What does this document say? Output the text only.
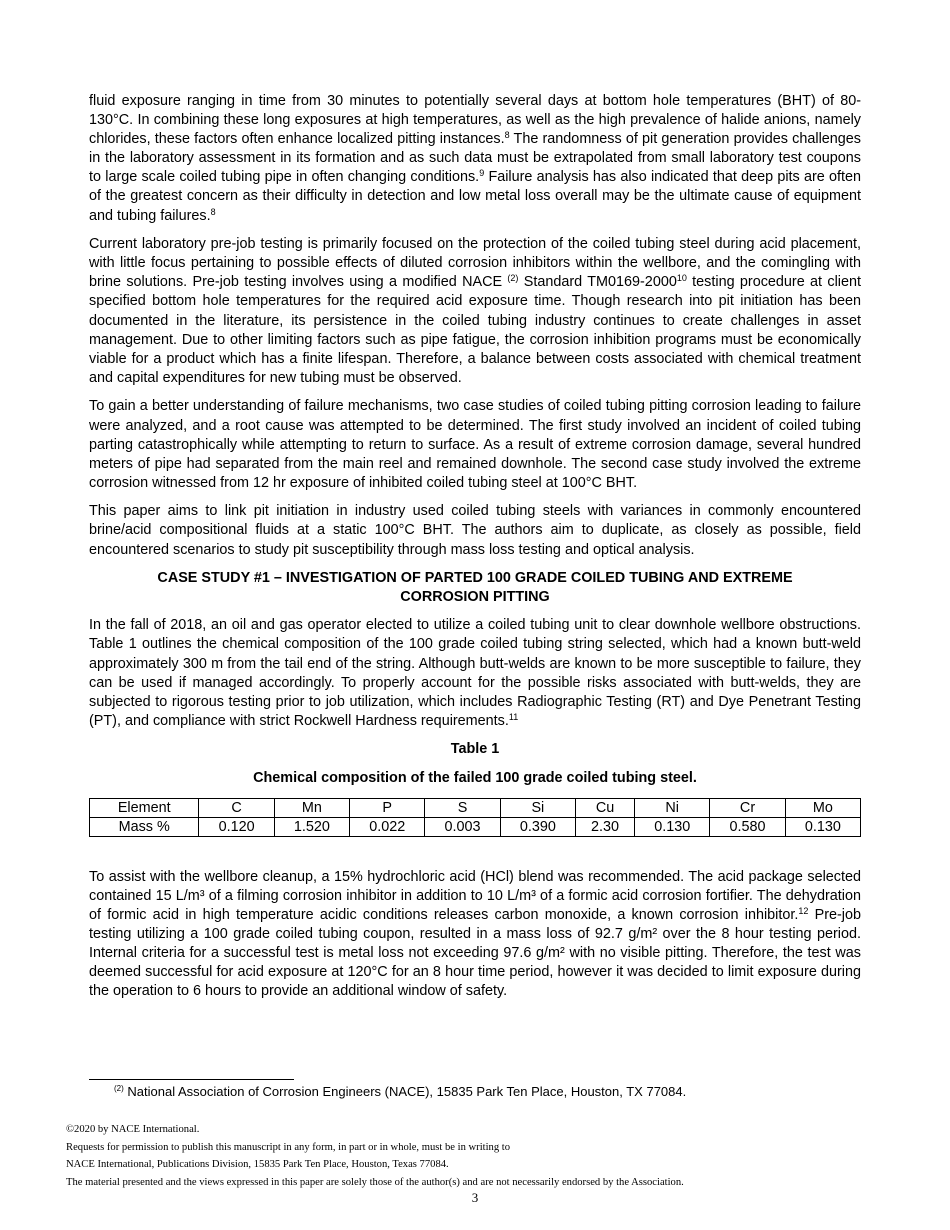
fluid exposure ranging in time from 30 minutes to potentially several days at bottom hole temperatures (BHT) of 80-130°C. In combining these long exposures at high temperatures, as well as the high prevalence of halide anions, namely chlorides, these factors often enhance localized pitting instances.$^8$ The randomness of pit generation provides challenges in the laboratory assessment in its formation and as such data must be extrapolated from small laboratory test coupons to large scale coiled tubing pipe in often changing conditions.$^9$ Failure analysis has also indicated that deep pits are often of the greatest concern as their difficulty in detection and low metal loss overall may be the ultimate cause of equipment and tubing failures.$^8$

Current laboratory pre-job testing is primarily focused on the protection of the coiled tubing steel during acid placement, with little focus pertaining to possible effects of diluted corrosion inhibitors within the wellbore, and the comingling with brine solutions. Pre-job testing involves using a modified NACE $^{(2)}$ Standard TM0169-2000$^{10}$ testing procedure at client specified bottom hole temperatures for the required acid exposure time. Though research into pit initiation has been documented in the literature, its persistence in the coiled tubing industry continues to create challenges in asset management. Due to other limiting factors such as pipe fatigue, the corrosion inhibition programs must be economically viable for a product which has a finite lifespan. Therefore, a balance between costs associated with chemical treatment and capital expenditures for new tubing must be observed.

To gain a better understanding of failure mechanisms, two case studies of coiled tubing pitting corrosion leading to failure were analyzed, and a root cause was attempted to be determined. The first study involved an incident of coiled tubing parting catastrophically while attempting to return to surface. As a result of extreme corrosion damage, several hundred meters of pipe had separated from the main reel and remained downhole. The second case study involved the extreme corrosion witnessed from 12 hr exposure of inhibited coiled tubing steel at 100°C BHT.

This paper aims to link pit initiation in industry used coiled tubing steels with variances in commonly encountered brine/acid compositional fluids at a static 100°C BHT. The authors aim to duplicate, as closely as possible, field encountered scenarios to study pit susceptibility through mass loss testing and optical analysis.

CASE STUDY #1 – INVESTIGATION OF PARTED 100 GRADE COILED TUBING AND EXTREME
CORROSION PITTING

In the fall of 2018, an oil and gas operator elected to utilize a coiled tubing unit to clear downhole wellbore obstructions. Table 1 outlines the chemical composition of the 100 grade coiled tubing string selected, which had a known butt-weld approximately 300 m from the tail end of the string. Although butt-welds are known to be more susceptible to failure, they can be used if managed accordingly. To properly account for the possible risks associated with butt-welds, they are subjected to rigorous testing prior to job utilization, which includes Radiographic Testing (RT) and Dye Penetrant Testing (PT), and compliance with strict Rockwell Hardness requirements.$^{11}$

Table 1
Chemical composition of the failed 100 grade coiled tubing steel.
Element	C	Mn	P	S	Si	Cu	Ni	Cr	Mo
Mass %	0.120	1.520	0.022	0.003	0.390	2.30	0.130	0.580	0.130

To assist with the wellbore cleanup, a 15% hydrochloric acid (HCl) blend was recommended. The acid package selected contained 15 L/m³ of a filming corrosion inhibitor in addition to 10 L/m³ of a formic acid corrosion fortifier. The dehydration of formic acid in high temperature acidic conditions releases carbon monoxide, a known corrosion inhibitor.$^{12}$ Pre-job testing utilizing a 100 grade coiled tubing coupon, resulted in a mass loss of 92.7 g/m² over the 8 hour testing period. Internal criteria for a successful test is metal loss not exceeding 97.6 g/m² with no visible pitting. Therefore, the test was deemed successful for acid exposure at 120°C for an 8 hour time period, however it was decided to limit exposure during the operation to 6 hours to provide an additional window of safety.

$^{(2)}$ National Association of Corrosion Engineers (NACE), 15835 Park Ten Place, Houston, TX 77084.
©2020 by NACE International.
Requests for permission to publish this manuscript in any form, in part or in whole, must be in writing to
NACE International, Publications Division, 15835 Park Ten Place, Houston, Texas 77084.
The material presented and the views expressed in this paper are solely those of the author(s) and are not necessarily endorsed by the Association.
3
